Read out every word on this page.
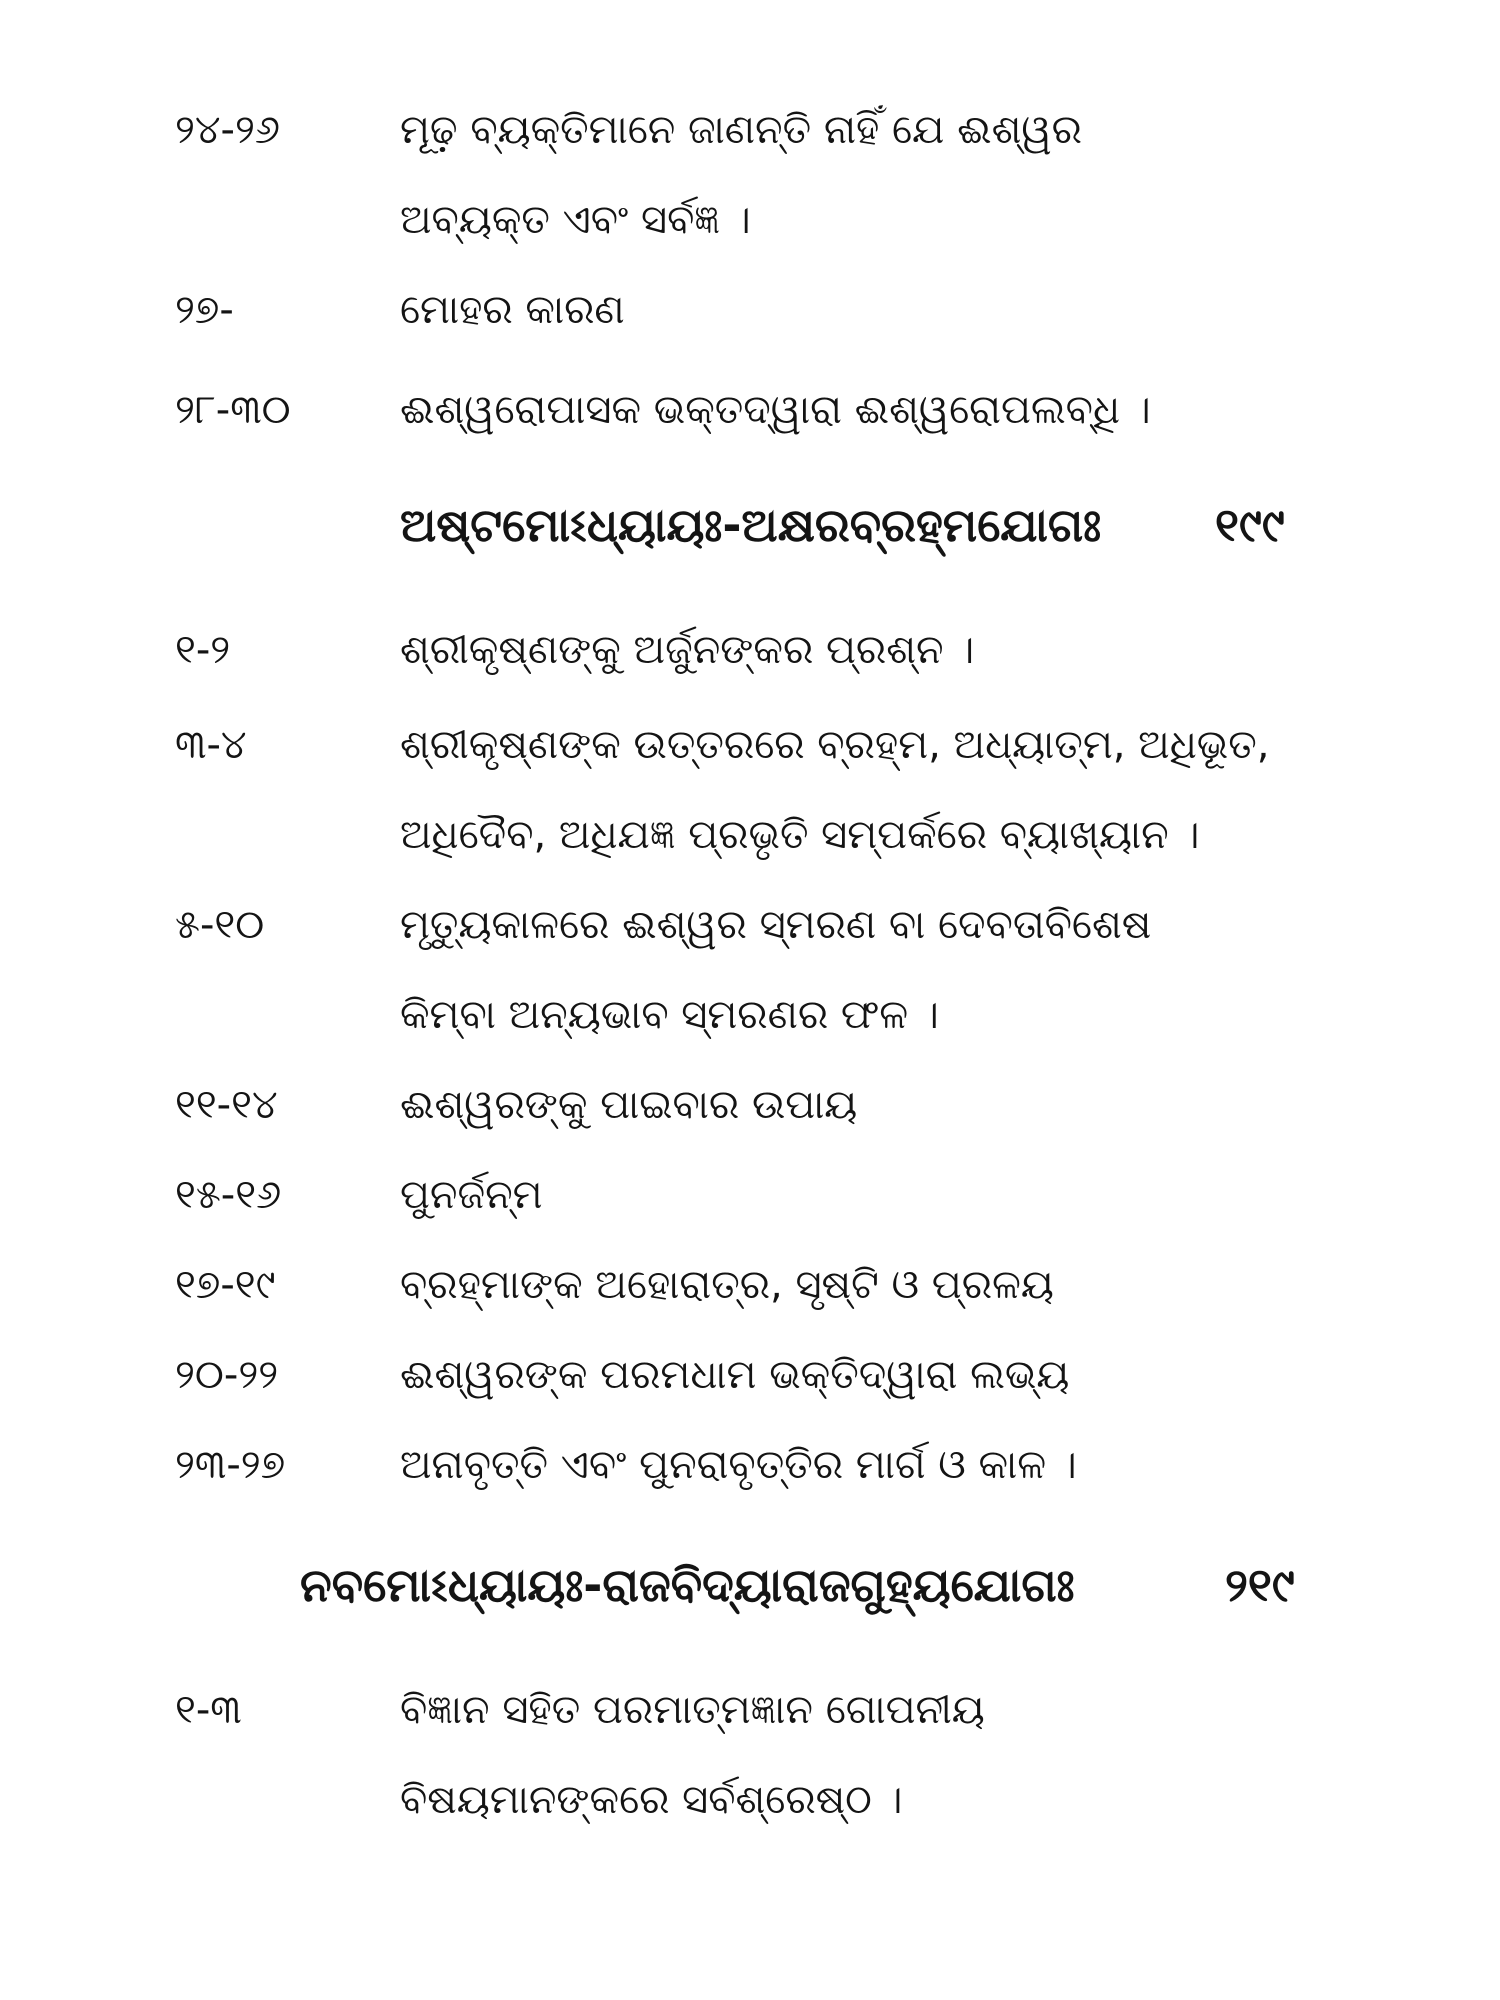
୨୪-୨୬	ମୂଢ଼ ବ୍ୟକ୍ତିମାନେ ଜାଣନ୍ତି ନାହିଁ ଯେ ଈଶ୍ୱର
ଅବ୍ୟକ୍ତ ଏବଂ ସର୍ବଜ୍ଞ ।
୨୭-	ମୋହର କାରଣ
୨୮-୩୦	ଈଶ୍ୱରୋପାସକ ଭକ୍ତଦ୍ୱାରା ଈଶ୍ୱରୋପଲବ୍ଧି ।
ଅଷ୍ଟମୋଽଧ୍ୟାୟଃ-ଅକ୍ଷରବ୍ରହ୍ମଯୋଗଃ ୧୯୯
୧-୨	ଶ୍ରୀକୃଷ୍ଣଙ୍କୁ ଅର୍ଜୁନଙ୍କର ପ୍ରଶ୍ନ ।
୩-୪	ଶ୍ରୀକୃଷ୍ଣଙ୍କ ଉତ୍ତରରେ ବ୍ରହ୍ମ, ଅଧ୍ୟାତ୍ମ, ଅଧିଭୂତ,
ଅଧିଦୈବ, ଅଧିଯଜ୍ଞ ପ୍ରଭୃତି ସମ୍ପର୍କରେ ବ୍ୟାଖ୍ୟାନ ।
୫-୧୦	ମୃତ୍ୟୁକାଳରେ ଈଶ୍ୱର ସ୍ମରଣ ବା ଦେବତାବିଶେଷ
କିମ୍ବା ଅନ୍ୟଭାବ ସ୍ମରଣର ଫଳ ।
୧୧-୧୪	ଈଶ୍ୱରଙ୍କୁ ପାଇବାର ଉପାୟ
୧୫-୧୬	ପୁନର୍ଜନ୍ମ
୧୭-୧୯	ବ୍ରହ୍ମାଙ୍କ ଅହୋରାତ୍ର, ସୃଷ୍ଟି ଓ ପ୍ରଳୟ
୨୦-୨୨	ଈଶ୍ୱରଙ୍କ ପରମଧାମ ଭକ୍ତିଦ୍ୱାରା ଲଭ୍ୟ
୨୩-୨୭	ଅନାବୃତ୍ତି ଏବଂ ପୁନରାବୃତ୍ତିର ମାର୍ଗ ଓ କାଳ ।
ନବମୋଽଧ୍ୟାୟଃ-ରାଜବିଦ୍ୟାରାଜଗୁହ୍ୟଯୋଗଃ	୨୧୯
୧-୩	ବିଜ୍ଞାନ ସହିତ ପରମାତ୍ମଜ୍ଞାନ ଗୋପନୀୟ
ବିଷୟମାନଙ୍କରେ ସର୍ବଶ୍ରେଷ୍ଠ ।
